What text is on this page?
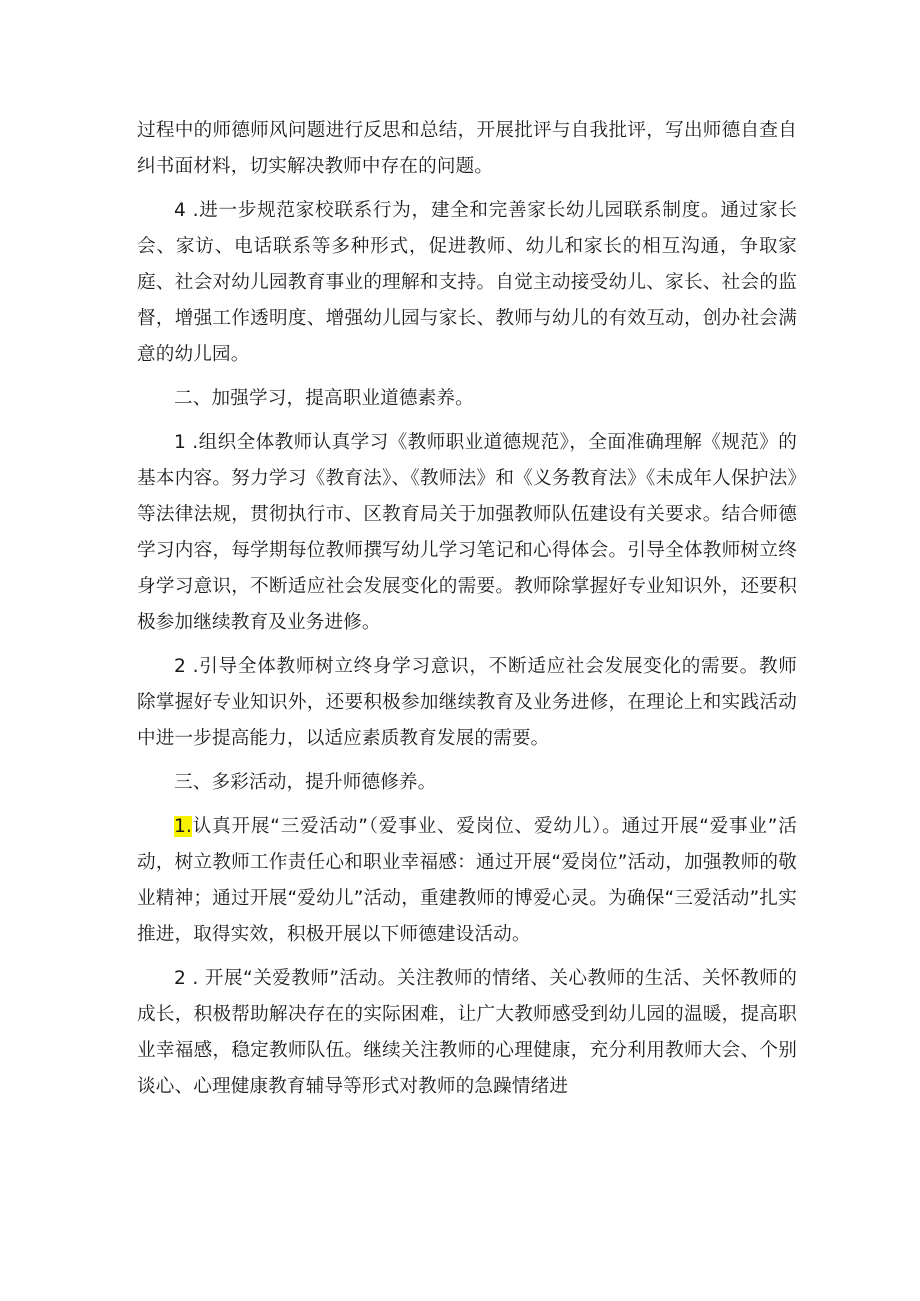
过程中的师德师风问题进行反思和总结，开展批评与自我批评，写出师德自查自纠书面材料，切实解决教师中存在的问题。

4 .进一步规范家校联系行为，建全和完善家长幼儿园联系制度。通过家长会、家访、电话联系等多种形式，促进教师、幼儿和家长的相互沟通，争取家庭、社会对幼儿园教育事业的理解和支持。自觉主动接受幼儿、家长、社会的监督，增强工作透明度、增强幼儿园与家长、教师与幼儿的有效互动，创办社会满意的幼儿园。

二、加强学习，提高职业道德素养。

1 .组织全体教师认真学习《教师职业道德规范》，全面准确理解《规范》的基本内容。努力学习《教育法》、《教师法》和《义务教育法》《未成年人保护法》等法律法规，贯彻执行市、区教育局关于加强教师队伍建设有关要求。结合师德学习内容，每学期每位教师撰写幼儿学习笔记和心得体会。引导全体教师树立终身学习意识，不断适应社会发展变化的需要。教师除掌握好专业知识外，还要积极参加继续教育及业务进修。

2 .引导全体教师树立终身学习意识，不断适应社会发展变化的需要。教师除掌握好专业知识外，还要积极参加继续教育及业务进修，在理论上和实践活动中进一步提高能力，以适应素质教育发展的需要。

三、多彩活动，提升师德修养。

1.认真开展“三爱活动”（爱事业、爱岗位、爱幼儿）。通过开展“爱事业”活动，树立教师工作责任心和职业幸福感：通过开展“爱岗位”活动，加强教师的敬业精神；通过开展“爱幼儿”活动，重建教师的博爱心灵。为确保“三爱活动”扎实推进，取得实效，积极开展以下师德建设活动。

2 . 开展“关爱教师”活动。关注教师的情绪、关心教师的生活、关怀教师的成长，积极帮助解决存在的实际困难，让广大教师感受到幼儿园的温暖，提高职业幸福感，稳定教师队伍。继续关注教师的心理健康，充分利用教师大会、个别谈心、心理健康教育辅导等形式对教师的急躁情绪进
